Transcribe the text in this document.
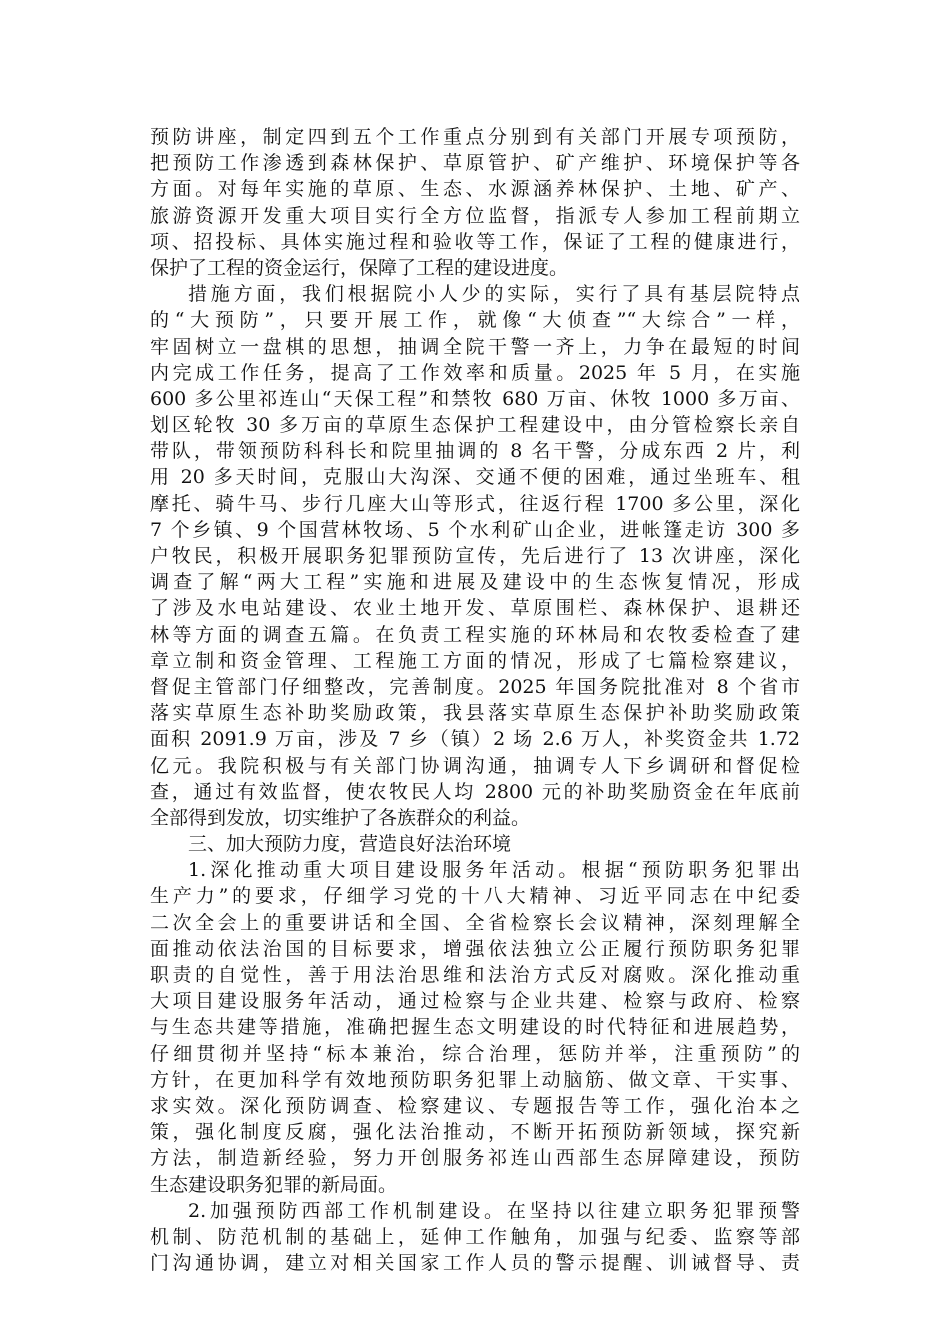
预防讲座，制定四到五个工作重点分别到有关部门开展专项预防，
把预防工作渗透到森林保护、草原管护、矿产维护、环境保护等各
方面。对每年实施的草原、生态、水源涵养林保护、土地、矿产、
旅游资源开发重大项目实行全方位监督，指派专人参加工程前期立
项、招投标、具体实施过程和验收等工作，保证了工程的健康进行，
保护了工程的资金运行，保障了工程的建设进度。
措施方面，我们根据院小人少的实际，实行了具有基层院特点
的“大预防”，只要开展工作，就像“大侦查”“大综合”一样，
牢固树立一盘棋的思想，抽调全院干警一齐上，力争在最短的时间
内完成工作任务，提高了工作效率和质量。2025 年 5 月，在实施
600 多公里祁连山“天保工程”和禁牧 680 万亩、休牧 1000 多万亩、
划区轮牧 30 多万亩的草原生态保护工程建设中，由分管检察长亲自
带队，带领预防科科长和院里抽调的 8 名干警，分成东西 2 片，利
用 20 多天时间，克服山大沟深、交通不便的困难，通过坐班车、租
摩托、骑牛马、步行几座大山等形式，往返行程 1700 多公里，深化
7 个乡镇、9 个国营林牧场、5 个水利矿山企业，进帐篷走访 300 多
户牧民，积极开展职务犯罪预防宣传，先后进行了 13 次讲座，深化
调查了解“两大工程”实施和进展及建设中的生态恢复情况，形成
了涉及水电站建设、农业土地开发、草原围栏、森林保护、退耕还
林等方面的调查五篇。在负责工程实施的环林局和农牧委检查了建
章立制和资金管理、工程施工方面的情况，形成了七篇检察建议，
督促主管部门仔细整改，完善制度。2025 年国务院批准对 8 个省市
落实草原生态补助奖励政策，我县落实草原生态保护补助奖励政策
面积 2091.9 万亩，涉及 7 乡（镇）2 场 2.6 万人，补奖资金共 1.72
亿元。我院积极与有关部门协调沟通，抽调专人下乡调研和督促检
查，通过有效监督，使农牧民人均 2800 元的补助奖励资金在年底前
全部得到发放，切实维护了各族群众的利益。
三、加大预防力度，营造良好法治环境
1.深化推动重大项目建设服务年活动。根据“预防职务犯罪出
生产力”的要求，仔细学习党的十八大精神、习近平同志在中纪委
二次全会上的重要讲话和全国、全省检察长会议精神，深刻理解全
面推动依法治国的目标要求，增强依法独立公正履行预防职务犯罪
职责的自觉性，善于用法治思维和法治方式反对腐败。深化推动重
大项目建设服务年活动，通过检察与企业共建、检察与政府、检察
与生态共建等措施，准确把握生态文明建设的时代特征和进展趋势，
仔细贯彻并坚持“标本兼治，综合治理，惩防并举，注重预防”的
方针，在更加科学有效地预防职务犯罪上动脑筋、做文章、干实事、
求实效。深化预防调查、检察建议、专题报告等工作，强化治本之
策，强化制度反腐，强化法治推动，不断开拓预防新领域，探究新
方法，制造新经验，努力开创服务祁连山西部生态屏障建设，预防
生态建设职务犯罪的新局面。
2.加强预防西部工作机制建设。在坚持以往建立职务犯罪预警
机制、防范机制的基础上，延伸工作触角，加强与纪委、监察等部
门沟通协调，建立对相关国家工作人员的警示提醒、训诫督导、责
